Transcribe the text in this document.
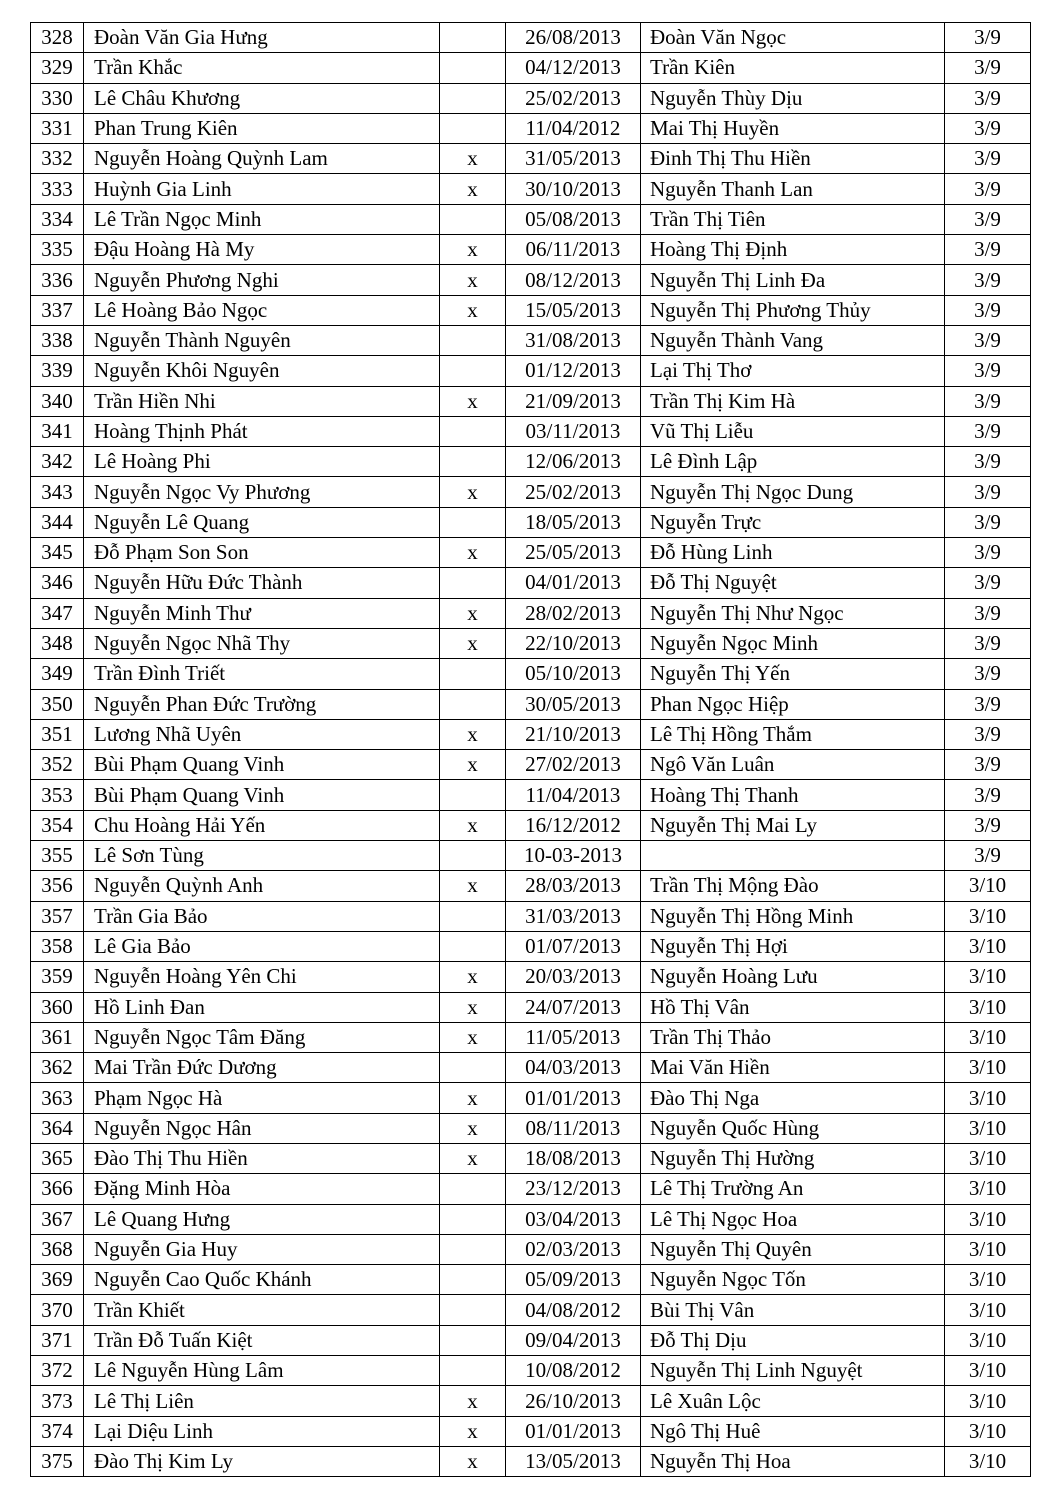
328	Đoàn Văn Gia Hưng		26/08/2013	Đoàn Văn Ngọc	3/9
329	Trần Khắc		04/12/2013	Trần Kiên	3/9
330	Lê Châu Khương		25/02/2013	Nguyễn Thùy Dịu	3/9
331	Phan Trung Kiên		11/04/2012	Mai Thị Huyền	3/9
332	Nguyễn Hoàng Quỳnh Lam	x	31/05/2013	Đinh Thị Thu Hiền	3/9
333	Huỳnh Gia Linh	x	30/10/2013	Nguyễn Thanh Lan	3/9
334	Lê Trần Ngọc Minh		05/08/2013	Trần Thị Tiên	3/9
335	Đậu Hoàng Hà My	x	06/11/2013	Hoàng Thị Định	3/9
336	Nguyễn Phương Nghi	x	08/12/2013	Nguyễn Thị Linh Đa	3/9
337	Lê Hoàng Bảo Ngọc	x	15/05/2013	Nguyễn Thị Phương Thủy	3/9
338	Nguyễn Thành Nguyên		31/08/2013	Nguyễn Thành Vang	3/9
339	Nguyễn Khôi Nguyên		01/12/2013	Lại Thị Thơ	3/9
340	Trần Hiền Nhi	x	21/09/2013	Trần Thị Kim Hà	3/9
341	Hoàng Thịnh Phát		03/11/2013	Vũ Thị Liễu	3/9
342	Lê Hoàng Phi		12/06/2013	Lê Đình Lập	3/9
343	Nguyễn Ngọc Vy Phương	x	25/02/2013	Nguyễn Thị Ngọc Dung	3/9
344	Nguyễn Lê Quang		18/05/2013	Nguyễn Trực	3/9
345	Đỗ Phạm Son Son	x	25/05/2013	Đỗ Hùng Linh	3/9
346	Nguyễn Hữu Đức Thành		04/01/2013	Đỗ Thị Nguyệt	3/9
347	Nguyễn Minh Thư	x	28/02/2013	Nguyễn Thị Như Ngọc	3/9
348	Nguyễn Ngọc Nhã Thy	x	22/10/2013	Nguyễn Ngọc Minh	3/9
349	Trần Đình Triết		05/10/2013	Nguyễn Thị Yến	3/9
350	Nguyễn Phan Đức Trường		30/05/2013	Phan Ngọc Hiệp	3/9
351	Lương Nhã Uyên	x	21/10/2013	Lê Thị Hồng Thắm	3/9
352	Bùi Phạm Quang Vinh	x	27/02/2013	Ngô Văn Luân	3/9
353	Bùi Phạm Quang Vinh		11/04/2013	Hoàng Thị Thanh	3/9
354	Chu Hoàng Hải Yến	x	16/12/2012	Nguyễn Thị Mai Ly	3/9
355	Lê Sơn Tùng		10-03-2013		3/9
356	Nguyễn Quỳnh Anh	x	28/03/2013	Trần Thị Mộng Đào	3/10
357	Trần Gia Bảo		31/03/2013	Nguyễn Thị Hồng Minh	3/10
358	Lê Gia Bảo		01/07/2013	Nguyễn Thị Hợi	3/10
359	Nguyễn Hoàng Yên Chi	x	20/03/2013	Nguyễn Hoàng Lưu	3/10
360	Hồ Linh Đan	x	24/07/2013	Hồ Thị Vân	3/10
361	Nguyễn Ngọc Tâm Đăng	x	11/05/2013	Trần Thị Thảo	3/10
362	Mai Trần Đức Dương		04/03/2013	Mai Văn Hiền	3/10
363	Phạm Ngọc Hà	x	01/01/2013	Đào Thị Nga	3/10
364	Nguyễn Ngọc Hân	x	08/11/2013	Nguyễn Quốc Hùng	3/10
365	Đào Thị Thu Hiền	x	18/08/2013	Nguyễn Thị Hường	3/10
366	Đặng Minh Hòa		23/12/2013	Lê Thị Trường An	3/10
367	Lê Quang Hưng		03/04/2013	Lê Thị Ngọc Hoa	3/10
368	Nguyễn Gia Huy		02/03/2013	Nguyễn Thị Quyên	3/10
369	Nguyễn Cao Quốc Khánh		05/09/2013	Nguyễn Ngọc Tốn	3/10
370	Trần Khiết		04/08/2012	Bùi Thị Vân	3/10
371	Trần Đỗ Tuấn Kiệt		09/04/2013	Đỗ Thị Dịu	3/10
372	Lê Nguyễn Hùng Lâm		10/08/2012	Nguyễn Thị Linh Nguyệt	3/10
373	Lê Thị Liên	x	26/10/2013	Lê Xuân Lộc	3/10
374	Lại Diệu Linh	x	01/01/2013	Ngô Thị Huê	3/10
375	Đào Thị Kim Ly	x	13/05/2013	Nguyễn Thị Hoa	3/10
